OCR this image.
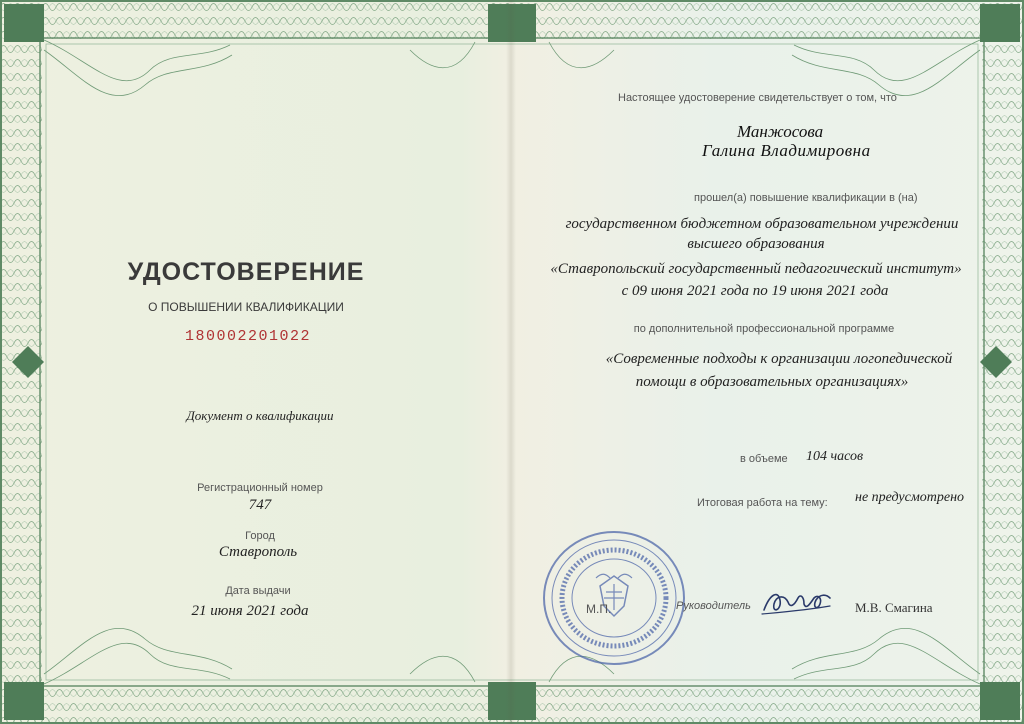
УДОСТОВЕРЕНИЕ
О ПОВЫШЕНИИ КВАЛИФИКАЦИИ
180002201022
Документ о квалификации
Регистрационный номер
747
Город
Ставрополь
Дата выдачи
21 июня 2021 года
Настоящее удостоверение свидетельствует о том, что
Манжосова
Галина Владимировна
прошел(а) повышение квалификации в (на)
государственном бюджетном образовательном учреждении
высшего образования
«Ставропольский государственный педагогический институт»
с 09 июня 2021 года по 19 июня 2021 года
по дополнительной профессиональной программе
«Современные подходы к организации логопедической
помощи в образовательных организациях»
в объеме 104 часов
Итоговая работа на тему: не предусмотрено
М.П.	Руководитель	М.В. Смагина
